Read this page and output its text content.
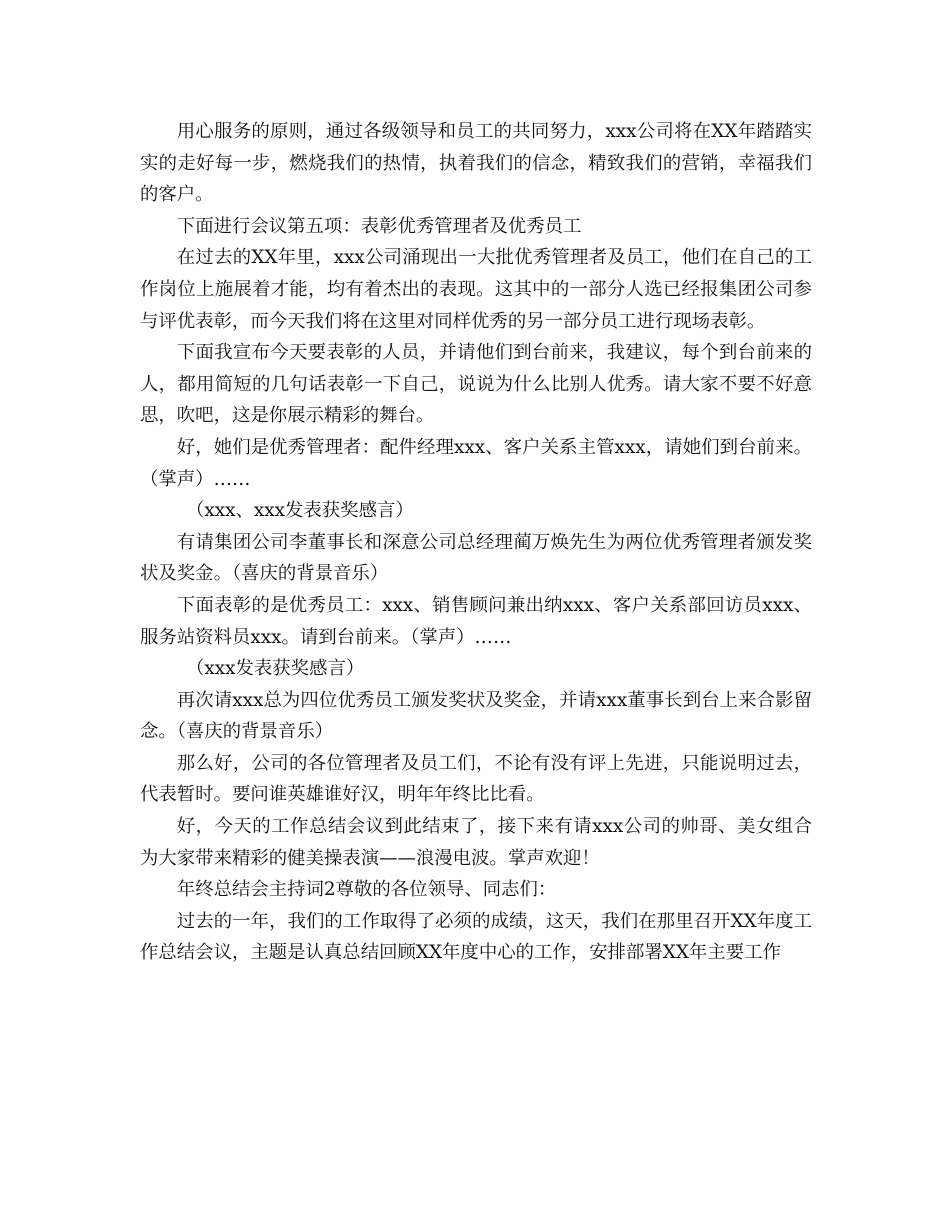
用心服务的原则，通过各级领导和员工的共同努力，xxx公司将在XX年踏踏实实的走好每一步，燃烧我们的热情，执着我们的信念，精致我们的营销，幸福我们的客户。

下面进行会议第五项：表彰优秀管理者及优秀员工

在过去的XX年里，xxx公司涌现出一大批优秀管理者及员工，他们在自己的工作岗位上施展着才能，均有着杰出的表现。这其中的一部分人选已经报集团公司参与评优表彰，而今天我们将在这里对同样优秀的另一部分员工进行现场表彰。

下面我宣布今天要表彰的人员，并请他们到台前来，我建议，每个到台前来的人，都用简短的几句话表彰一下自己，说说为什么比别人优秀。请大家不要不好意思，吹吧，这是你展示精彩的舞台。

好，她们是优秀管理者：配件经理xxx、客户关系主管xxx，请她们到台前来。（掌声）……

（xxx、xxx发表获奖感言）

有请集团公司李董事长和深意公司总经理蔺万焕先生为两位优秀管理者颁发奖状及奖金。（喜庆的背景音乐）

下面表彰的是优秀员工：xxx、销售顾问兼出纳xxx、客户关系部回访员xxx、服务站资料员xxx。请到台前来。（掌声）……

（xxx发表获奖感言）

再次请xxx总为四位优秀员工颁发奖状及奖金，并请xxx董事长到台上来合影留念。（喜庆的背景音乐）

那么好，公司的各位管理者及员工们，不论有没有评上先进，只能说明过去，代表暂时。要问谁英雄谁好汉，明年年终比比看。

好，今天的工作总结会议到此结束了，接下来有请xxx公司的帅哥、美女组合为大家带来精彩的健美操表演——浪漫电波。掌声欢迎！

年终总结会主持词2尊敬的各位领导、同志们：

过去的一年，我们的工作取得了必须的成绩，这天，我们在那里召开XX年度工作总结会议，主题是认真总结回顾XX年度中心的工作，安排部署XX年主要工作
